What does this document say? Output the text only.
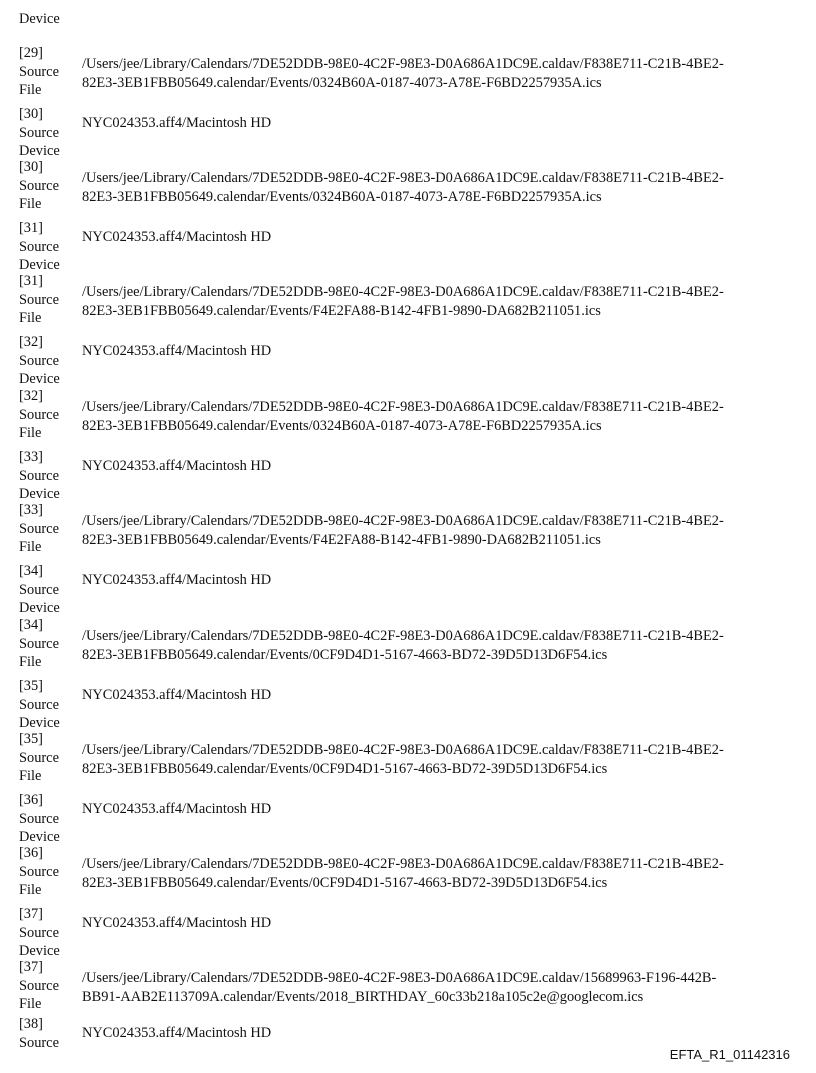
Device
[29]
Source
File
/Users/jee/Library/Calendars/7DE52DDB-98E0-4C2F-98E3-D0A686A1DC9E.caldav/F838E711-C21B-4BE2-
82E3-3EB1FBB05649.calendar/Events/0324B60A-0187-4073-A78E-F6BD2257935A.ics
[30]
Source
Device
NYC024353.aff4/Macintosh HD
[30]
Source
File
/Users/jee/Library/Calendars/7DE52DDB-98E0-4C2F-98E3-D0A686A1DC9E.caldav/F838E711-C21B-4BE2-
82E3-3EB1FBB05649.calendar/Events/0324B60A-0187-4073-A78E-F6BD2257935A.ics
[31]
Source
Device
NYC024353.aff4/Macintosh HD
[31]
Source
File
/Users/jee/Library/Calendars/7DE52DDB-98E0-4C2F-98E3-D0A686A1DC9E.caldav/F838E711-C21B-4BE2-
82E3-3EB1FBB05649.calendar/Events/F4E2FA88-B142-4FB1-9890-DA682B211051.ics
[32]
Source
Device
NYC024353.aff4/Macintosh HD
[32]
Source
File
/Users/jee/Library/Calendars/7DE52DDB-98E0-4C2F-98E3-D0A686A1DC9E.caldav/F838E711-C21B-4BE2-
82E3-3EB1FBB05649.calendar/Events/0324B60A-0187-4073-A78E-F6BD2257935A.ics
[33]
Source
Device
NYC024353.aff4/Macintosh HD
[33]
Source
File
/Users/jee/Library/Calendars/7DE52DDB-98E0-4C2F-98E3-D0A686A1DC9E.caldav/F838E711-C21B-4BE2-
82E3-3EB1FBB05649.calendar/Events/F4E2FA88-B142-4FB1-9890-DA682B211051.ics
[34]
Source
Device
NYC024353.aff4/Macintosh HD
[34]
Source
File
/Users/jee/Library/Calendars/7DE52DDB-98E0-4C2F-98E3-D0A686A1DC9E.caldav/F838E711-C21B-4BE2-
82E3-3EB1FBB05649.calendar/Events/0CF9D4D1-5167-4663-BD72-39D5D13D6F54.ics
[35]
Source
Device
NYC024353.aff4/Macintosh HD
[35]
Source
File
/Users/jee/Library/Calendars/7DE52DDB-98E0-4C2F-98E3-D0A686A1DC9E.caldav/F838E711-C21B-4BE2-
82E3-3EB1FBB05649.calendar/Events/0CF9D4D1-5167-4663-BD72-39D5D13D6F54.ics
[36]
Source
Device
NYC024353.aff4/Macintosh HD
[36]
Source
File
/Users/jee/Library/Calendars/7DE52DDB-98E0-4C2F-98E3-D0A686A1DC9E.caldav/F838E711-C21B-4BE2-
82E3-3EB1FBB05649.calendar/Events/0CF9D4D1-5167-4663-BD72-39D5D13D6F54.ics
[37]
Source
Device
NYC024353.aff4/Macintosh HD
[37]
Source
File
/Users/jee/Library/Calendars/7DE52DDB-98E0-4C2F-98E3-D0A686A1DC9E.caldav/15689963-F196-442B-
BB91-AAB2E113709A.calendar/Events/2018_BIRTHDAY_60c33b218a105c2e@googlecom.ics
[38]
Source
NYC024353.aff4/Macintosh HD
EFTA_R1_01142316
